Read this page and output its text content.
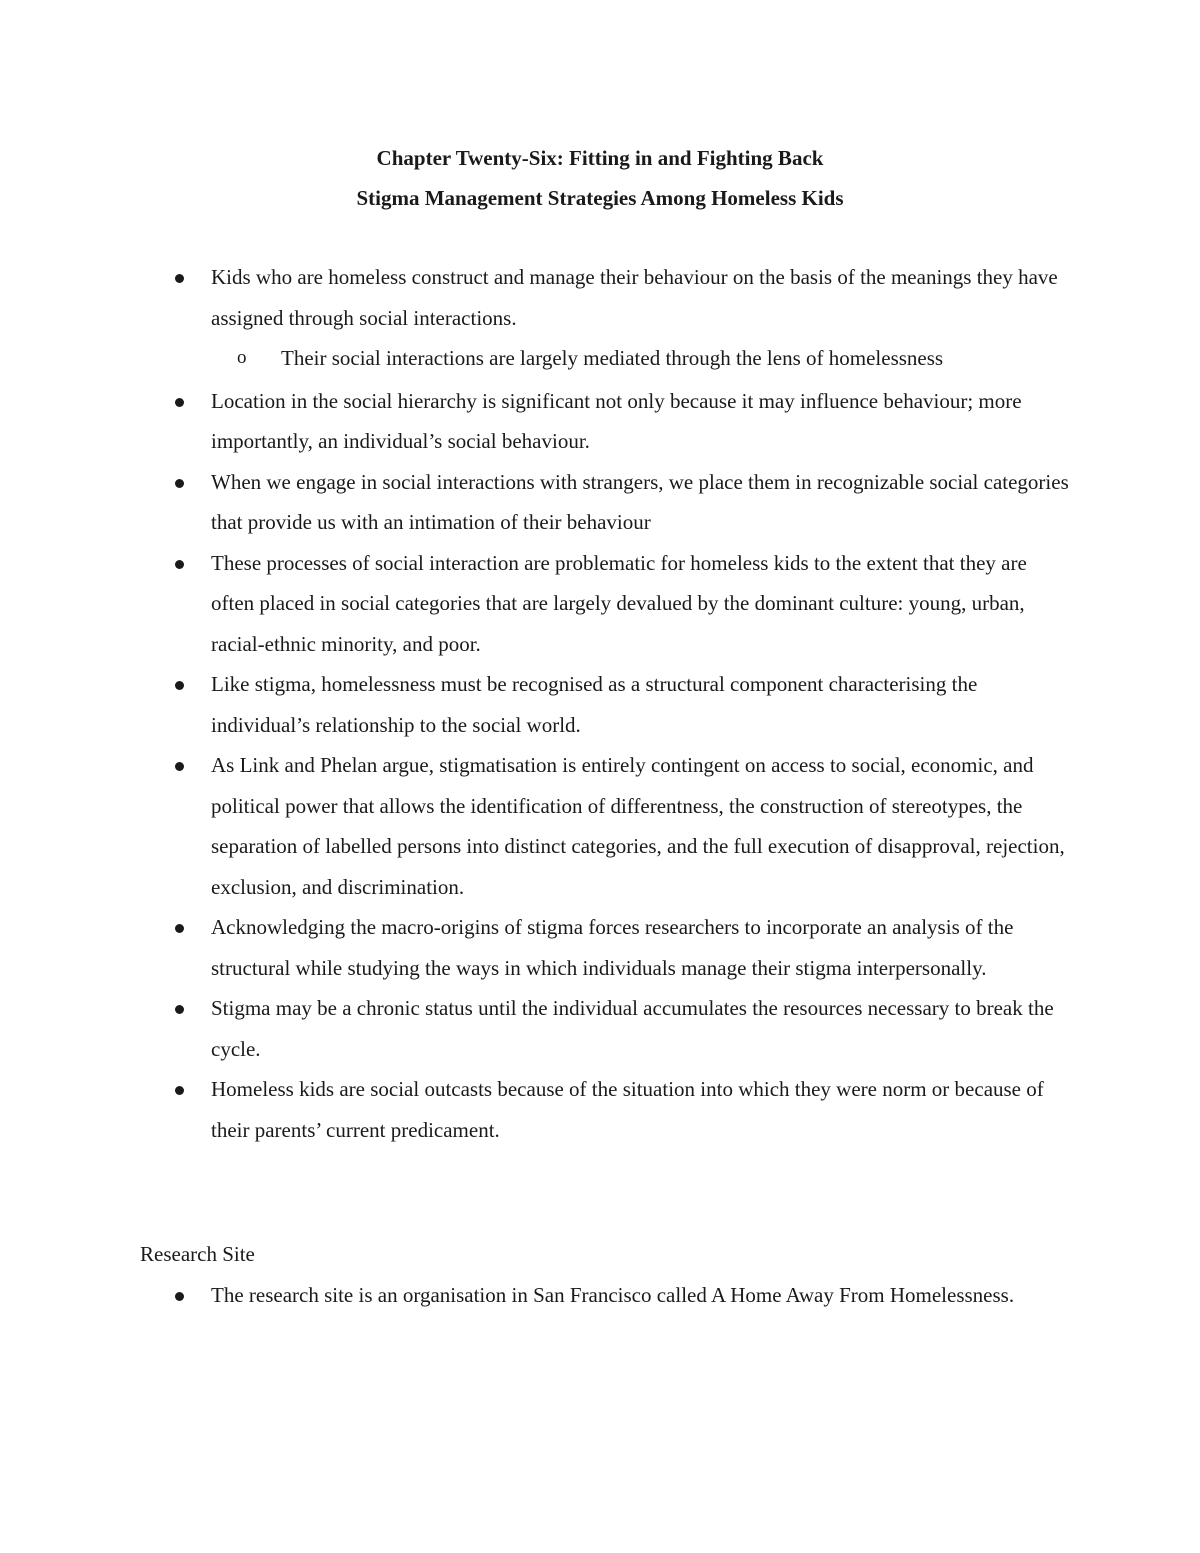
Chapter Twenty-Six: Fitting in and Fighting Back

Stigma Management Strategies Among Homeless Kids

Kids who are homeless construct and manage their behaviour on the basis of the meanings they have assigned through social interactions.
o Their social interactions are largely mediated through the lens of homelessness
Location in the social hierarchy is significant not only because it may influence behaviour; more importantly, an individual’s social behaviour.
When we engage in social interactions with strangers, we place them in recognizable social categories that provide us with an intimation of their behaviour
These processes of social interaction are problematic for homeless kids to the extent that they are often placed in social categories that are largely devalued by the dominant culture: young, urban, racial-ethnic minority, and poor.
Like stigma, homelessness must be recognised as a structural component characterising the individual’s relationship to the social world.
As Link and Phelan argue, stigmatisation is entirely contingent on access to social, economic, and political power that allows the identification of differentness, the construction of stereotypes, the separation of labelled persons into distinct categories, and the full execution of disapproval, rejection, exclusion, and discrimination.
Acknowledging the macro-origins of stigma forces researchers to incorporate an analysis of the structural while studying the ways in which individuals manage their stigma interpersonally.
Stigma may be a chronic status until the individual accumulates the resources necessary to break the cycle.
Homeless kids are social outcasts because of the situation into which they were norm or because of their parents’ current predicament.
Research Site
The research site is an organisation in San Francisco called A Home Away From Homelessness.
